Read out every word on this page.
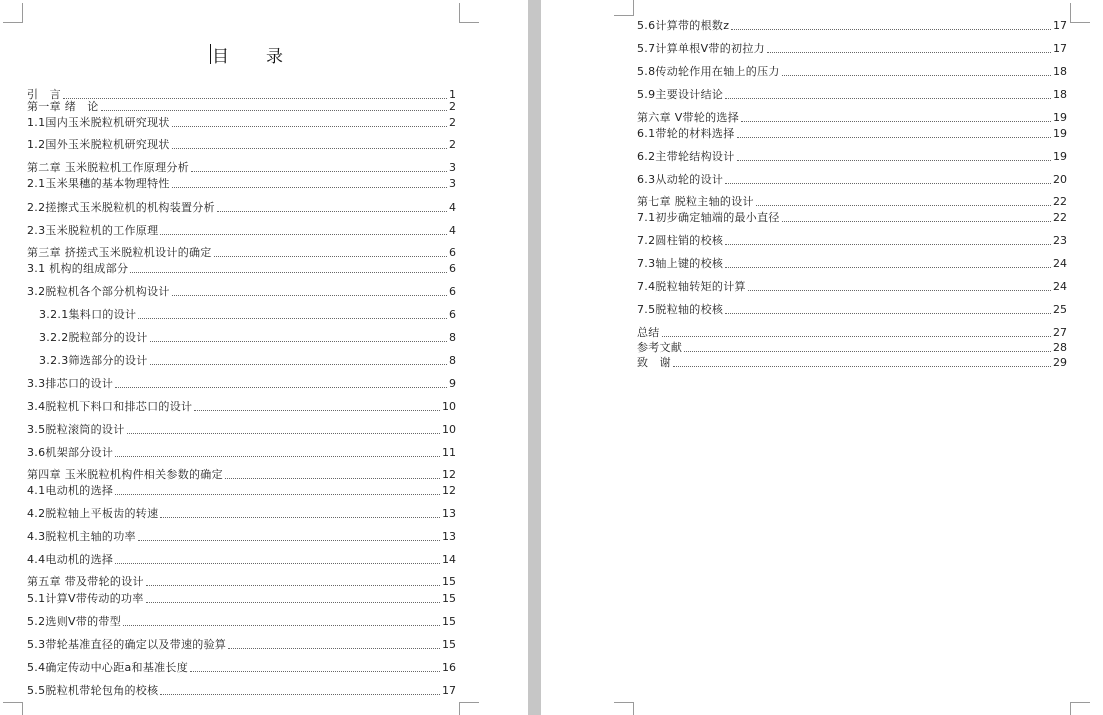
目　录
引　言	1
第一章 绪　论	2
1.1国内玉米脱粒机研究现状	2
1.2国外玉米脱粒机研究现状	2
第二章 玉米脱粒机工作原理分析	3
2.1玉米果穗的基本物理特性	3
2.2搓擦式玉米脱粒机的机构装置分析	4
2.3玉米脱粒机的工作原理	4
第三章 挤搓式玉米脱粒机设计的确定	6
3.1 机构的组成部分	6
3.2脱粒机各个部分机构设计	6
3.2.1集料口的设计	6
3.2.2脱粒部分的设计	8
3.2.3筛选部分的设计	8
3.3排芯口的设计	9
3.4脱粒机下料口和排芯口的设计	10
3.5脱粒滚筒的设计	10
3.6机架部分设计	11
第四章 玉米脱粒机构件相关参数的确定	12
4.1电动机的选择	12
4.2脱粒轴上平板齿的转速	13
4.3脱粒机主轴的功率	13
4.4电动机的选择	14
第五章 带及带轮的设计	15
5.1计算V带传动的功率	15
5.2选则V带的带型	15
5.3带轮基准直径的确定以及带速的验算	15
5.4确定传动中心距a和基准长度	16
5.5脱粒机带轮包角的校核	17
5.6计算带的根数z	17
5.7计算单根V带的初拉力	17
5.8传动轮作用在轴上的压力	18
5.9主要设计结论	18
第六章 V带轮的选择	19
6.1带轮的材料选择	19
6.2主带轮结构设计	19
6.3从动轮的设计	20
第七章 脱粒主轴的设计	22
7.1初步确定轴端的最小直径	22
7.2圆柱销的校核	23
7.3轴上键的校核	24
7.4脱粒轴转矩的计算	24
7.5脱粒轴的校核	25
总结	27
参考文献	28
致　谢	29
